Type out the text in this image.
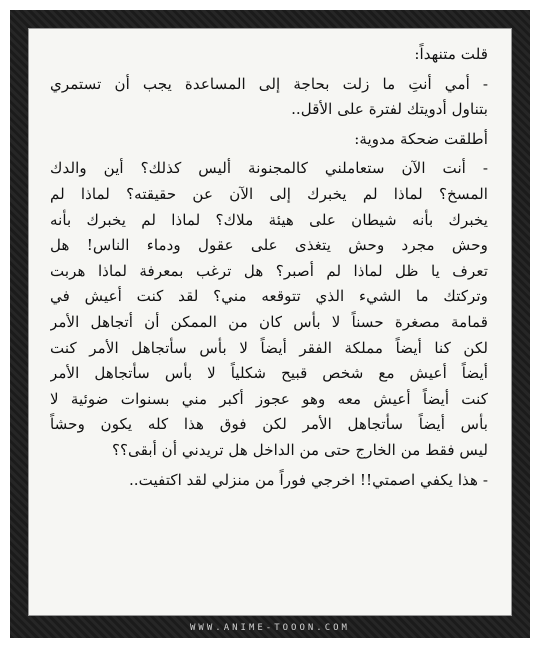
قلت متنهداً:
- أمي أنتِ ما زلت بحاجة إلى المساعدة يجب أن تستمري
بتناول أدويتك لفترة على الأقل..
أطلقت ضحكة مدوية:
- أنت الآن ستعاملني كالمجنونة أليس كذلك؟ أين والدك
المسخ؟ لماذا لم يخبرك إلى الآن عن حقيقته؟ لماذا لم
يخبرك بأنه شيطان على هيئة ملاك؟ لماذا لم يخبرك بأنه
وحش مجرد وحش يتغذى على عقول ودماء الناس! هل
تعرف يا ظل لماذا لم أصبر؟ هل ترغب بمعرفة لماذا هربت
وتركتك ما الشيء الذي تتوقعه مني؟ لقد كنت أعيش في
قمامة مصغرة حسناً لا بأس كان من الممكن أن أتجاهل الأمر
لكن كنا أيضاً مملكة الفقر أيضاً لا بأس سأتجاهل الأمر كنت
أيضاً أعيش مع شخص قبيح شكلياً لا بأس سأتجاهل الأمر
كنت أيضاً أعيش معه وهو عجوز أكبر مني بسنوات ضوئية لا
بأس أيضاً سأتجاهل الأمر لكن فوق هذا كله يكون وحشاً
ليس فقط من الخارج حتى من الداخل هل تريدني أن أبقى؟؟
- هذا يكفي اصمتي!! اخرجي فوراً من منزلي لقد اكتفيت..
WWW.ANIME-TOOON.COM
